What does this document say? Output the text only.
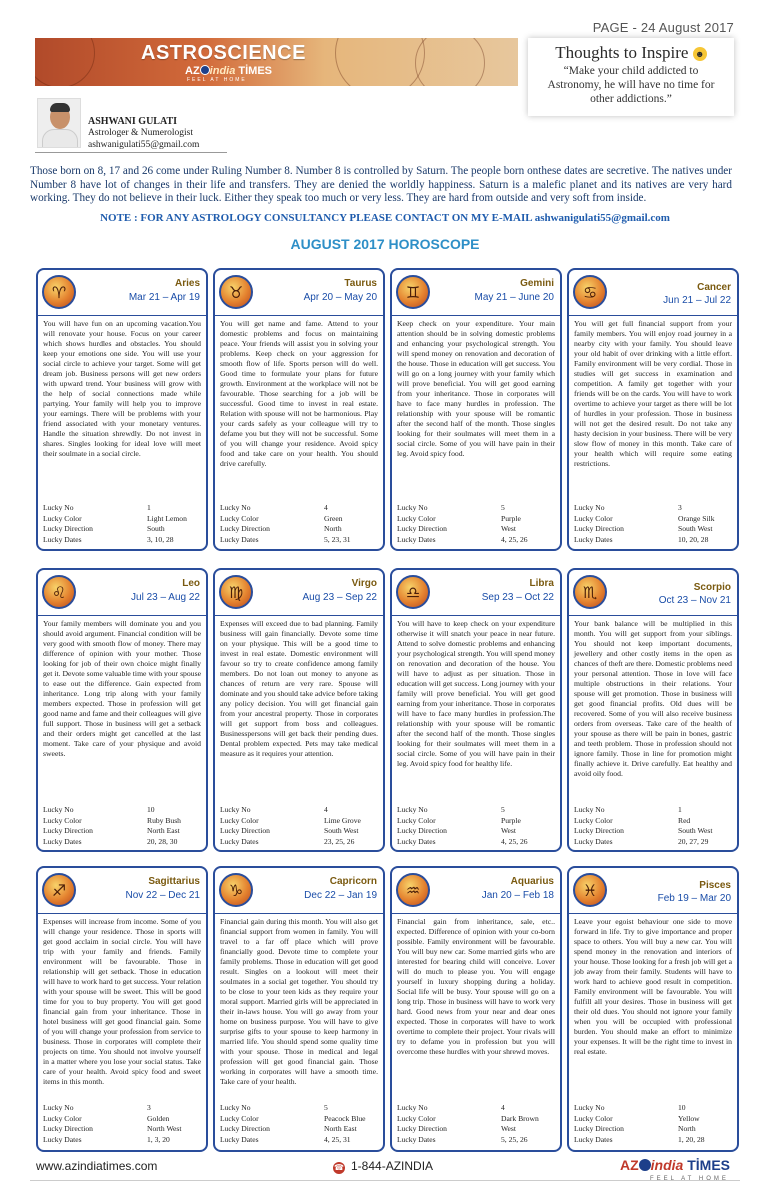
PAGE - 24 August 2017
ASTROSCIENCE
AZ india TİMES
FEEL AT HOME
Thoughts to Inspire ☻
“Make your child addicted to Astronomy, he will have no time for other addictions.”
ASHWANI GULATI
Astrologer & Numerologist
ashwanigulati55@gmail.com
Those born on 8, 17 and 26 come under Ruling Number 8. Number 8 is controlled by Saturn. The people born onthese dates are secretive. The natives under Number 8 have lot of changes in their life and transfers. They are denied the worldly happiness. Saturn is a malefic planet and its natives are very hard working. They do not believe in their luck. Either they speak too much or very less. They are hard from outside and very soft from inside.
NOTE : FOR ANY ASTROLOGY CONSULTANCY PLEASE CONTACT ON MY E-MAIL ashwanigulati55@gmail.com
AUGUST 2017 HOROSCOPE
♈	Aries
Mar 21 – Apr 19
You will have fun on an upcoming vacation.You will renovate your house. Focus on your career which shows hurdles and obstacles. You should keep your emotions one side. You will use your social circle to achieve your target. Some will get dream job. Business persons will get new orders with upward trend. Your business will grow with the help of social connections made while partying. Your family will help you to improve your earnings. There will be problems with your friend associated with your monetary ventures. Handle the situation shrewdly. Do not invest in shares. Singles looking for ideal love will meet their soulmate in a social circle.
Lucky No	1
Lucky Color	Light Lemon
Lucky Direction	South
Lucky Dates	3, 10, 28
♉	Taurus
Apr 20 – May 20
You will get name and fame. Attend to your domestic problems and focus on maintaining peace. Your friends will assist you in solving your problems. Keep check on your aggression for smooth flow of life. Sports person will do well. Good time to formulate your plans for future growth. Environment at the workplace will not be favourable. Those searching for a job will be successful. Good time to invest in real estate. Relation with spouse will not be harmonious. Play your cards safely as your colleague will try to defame you but they will not be successful. Some of you will change your residence. Avoid spicy food and take care on your health. You should drive carefully.
Lucky No	4
Lucky Color	Green
Lucky Direction	North
Lucky Dates	5, 23, 31
♊	Gemini
May 21 – June 20
Keep check on your expenditure. Your main attention should be in solving domestic problems and enhancing your psychological strength. You will spend money on renovation and decoration of the house. Those in education will get success. You will go on a long journey with your family which will prove beneficial. You will get good earning from your inheritance. Those in corporates will have to face many hurdles in profession. The relationship with your spouse will be romantic after the second half of the month. Those singles looking for their soulmates will meet them in a social circle. Some of you will have pain in their leg. Avoid spicy food.
Lucky No	5
Lucky Color	Purple
Lucky Direction	West
Lucky Dates	4, 25, 26
♋	Cancer
Jun 21 – Jul 22
You will get full financial support from your family members. You will enjoy road journey in a nearby city with your family. You should leave your old habit of over drinking with a little effort. Family environment will be very cordial. Those in studies will get success in examination and competition. A family get together with your friends will be on the cards. You will have to work overtime to achieve your target as there will be lot of hurdles in your profession. Those in business will not get the desired result. Do not take any hasty decision in your business. There will be very slow flow of money in this month. Take care of your health which will require some eating restrictions.
Lucky No	3
Lucky Color	Orange Silk
Lucky Direction	South West
Lucky Dates	10, 20, 28
♌	Leo
Jul 23 – Aug 22
Your family members will dominate you and you should avoid argument. Financial condition will be very good with smooth flow of money. There may difference of opinion with your mother. Those looking for job of their own choice might finally get it. Devote some valuable time with your spouse to ease out the difference. Gain expected from inheritance. Long trip along with your family members expected. Those in profession will get good name and fame and their colleagues will give full support. Those in business will get a setback and their orders might get cancelled at the last moment. Take care of your physique and avoid sweets.
Lucky No	10
Lucky Color	Ruby Bush
Lucky Direction	North East
Lucky Dates	20, 28, 30
♍	Virgo
Aug 23 – Sep 22
Expenses will exceed due to bad planning. Family business will gain financially. Devote some time on your physique. This will be a good time to invest in real estate. Domestic environment will favour so try to create confidence among family members. Do not loan out money to anyone as chances of return are very rare. Spouse will dominate and you should take advice before taking any policy decision. You will get financial gain from your ancestral property. Those in corporates will get support from boss and colleagues. Businesspersons will get back their pending dues. Dental problem expected. Pets may take medical measure as it requires your attention.
Lucky No	4
Lucky Color	Lime Grove
Lucky Direction	South West
Lucky Dates	23, 25, 26
♎	Libra
Sep 23 – Oct 22
You will have to keep check on your expenditure otherwise it will snatch your peace in near future. Attend to solve domestic problems and enhancing your psychological strength. You will spend money on renovation and decoration of the house. You will have to adjust as per situation. Those in education will get success. Long journey with your family will prove beneficial. You will get good earning from your inheritance. Those in corporates will have to face many hurdles in profession.The relationship with your spouse will be romantic after the second half of the month. Those singles looking for their soulmates will meet them in a social circle. Some of you will have pain in their leg. Avoid spicy food for healthy life.
Lucky No	5
Lucky Color	Purple
Lucky Direction	West
Lucky Dates	4, 25, 26
♏	Scorpio
Oct 23 – Nov 21
Your bank balance will be multiplied in this month. You will get support from your siblings. You should not keep important documents, jewellery and other costly items in the open as chances of theft are there. Domestic problems need your personal attention. Those in love will face multiple obstructions in their relations. Your spouse will get promotion. Those in business will get good financial profits. Old dues will be recovered. Some of you will also receive business orders from overseas. Take care of the health of your spouse as there will be pain in bones, gastric and teeth problem. Those in profession should not ignore family. Those in line for promotion might finally achieve it. Drive carefully. Eat healthy and avoid oily food.
Lucky No	1
Lucky Color	Red
Lucky Direction	South West
Lucky Dates	20, 27, 29
♐	Sagittarius
Nov 22 – Dec 21
Expenses will increase from income. Some of you will change your residence. Those in sports will get good acclaim in social circle. You will have trip with your family and friends. Family environment will be favourable. Those in relationship will get setback. Those in education will have to work hard to get success. Your relation with your spouse will be sweet. This will be good time for you to buy property. You will get good financial gain from your inheritance. Those in hotel business will get good financial gain. Some of you will change your profession from service to business. Those in corporates will complete their projects on time. You should not involve yourself in a matter where you lose your social status. Take care of your health. Avoid spicy food and sweet items in this month.
Lucky No	3
Lucky Color	Golden
Lucky Direction	North West
Lucky Dates	1, 3, 20
♑	Capricorn
Dec 22 – Jan 19
Financial gain during this month. You will also get financial support from women in family. You will travel to a far off place which will prove financially good. Devote time to complete your family problems. Those in education will get good result. Singles on a lookout will meet their soulmates in a social get together. You should try to be close to your teen kids as they require your moral support. Married girls will be appreciated in their in-laws house. You will go away from your home on business purpose. You will have to give surprise gifts to your spouse to keep harmony in married life. You should spend some quality time with your spouse. Those in medical and legal profession will get good financial gain. Those working in corporates will have a smooth time. Take care of your health.
Lucky No	5
Lucky Color	Peacock Blue
Lucky Direction	North East
Lucky Dates	4, 25, 31
♒	Aquarius
Jan 20 – Feb 18
Financial gain from inheritance, sale, etc.. expected. Difference of opinion with your co-born possible. Family environment will be favourable. You will buy new car. Some married girls who are interested for bearing child will conceive. Lover will do much to please you. You will engage yourself in luxury shopping during a holiday. Social life will be busy. Your spouse will go on a long trip. Those in business will have to work very hard. Good news from your near and dear ones expected. Those in corporates will have to work overtime to complete their project. Your rivals will try to defame you in profession but you will overcome these hurdles with your shrewd moves.
Lucky No	4
Lucky Color	Dark Brown
Lucky Direction	West
Lucky Dates	5, 25, 26
♓	Pisces
Feb 19 – Mar 20
Leave your egoist behaviour one side to move forward in life. Try to give importance and proper space to others. You will buy a new car. You will spend money in the renovation and interiors of your house. Those looking for a fresh job will get a job away from their family. Students will have to work hard to achieve good result in competition. Family environment will be favourable. You will fulfill all your desires. Those in business will get their old dues. You should not ignore your family when you will be occupied with professional burden. You should make an effort to minimize your expenses. It will be the right time to invest in real estate.
Lucky No	10
Lucky Color	Yellow
Lucky Direction	North
Lucky Dates	1, 20, 28
www.azindiatimes.com	☎ 1-844-AZINDIA	AZ india TİMES
FEEL AT HOME
